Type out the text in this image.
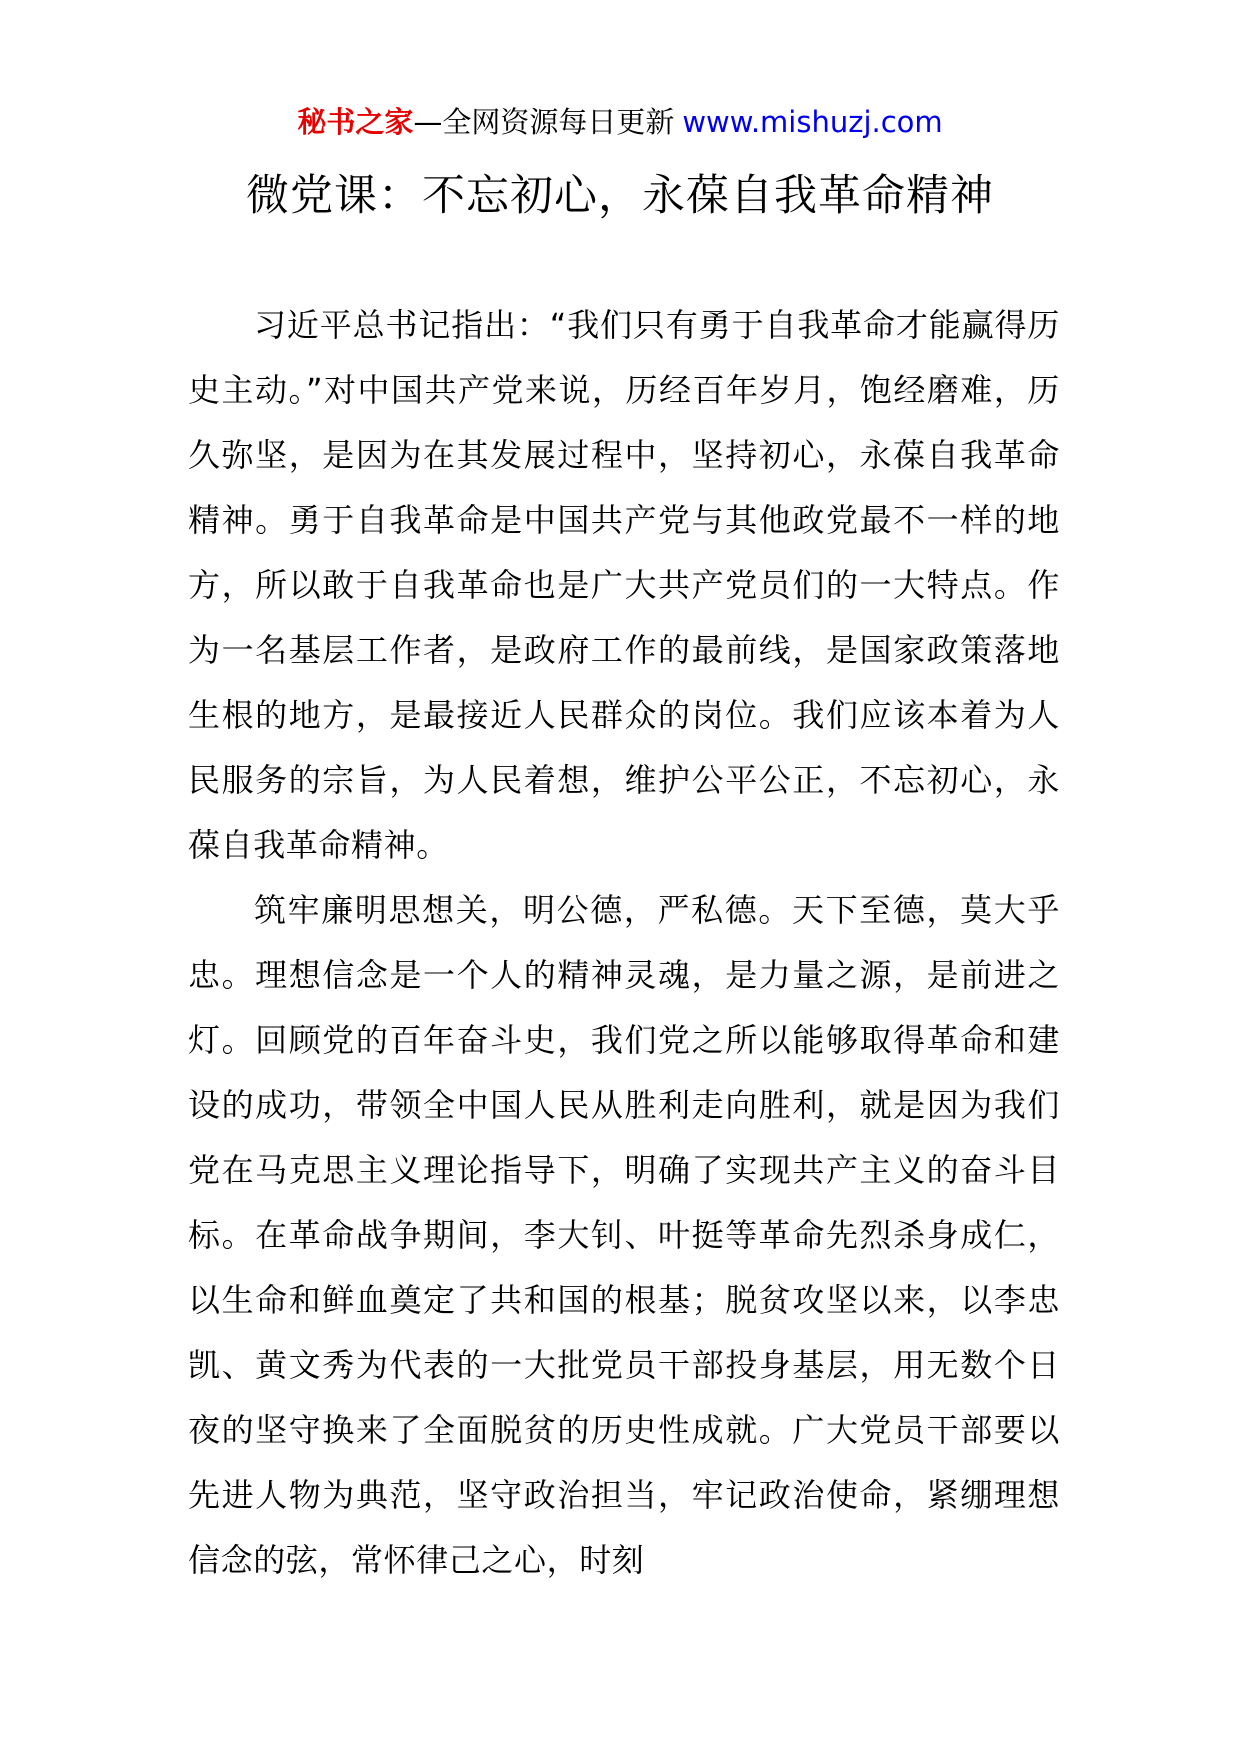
秘书之家—全网资源每日更新 www.mishuzj.com
微党课：不忘初心，永葆自我革命精神

习近平总书记指出：“我们只有勇于自我革命才能赢得历史主动。”对中国共产党来说，历经百年岁月，饱经磨难，历久弥坚，是因为在其发展过程中，坚持初心，永葆自我革命精神。勇于自我革命是中国共产党与其他政党最不一样的地方，所以敢于自我革命也是广大共产党员们的一大特点。作为一名基层工作者，是政府工作的最前线，是国家政策落地生根的地方，是最接近人民群众的岗位。我们应该本着为人民服务的宗旨，为人民着想，维护公平公正，不忘初心，永葆自我革命精神。

筑牢廉明思想关，明公德，严私德。天下至德，莫大乎忠。理想信念是一个人的精神灵魂，是力量之源，是前进之灯。回顾党的百年奋斗史，我们党之所以能够取得革命和建设的成功，带领全中国人民从胜利走向胜利，就是因为我们党在马克思主义理论指导下，明确了实现共产主义的奋斗目标。在革命战争期间，李大钊、叶挺等革命先烈杀身成仁，以生命和鲜血奠定了共和国的根基；脱贫攻坚以来，以李忠凯、黄文秀为代表的一大批党员干部投身基层，用无数个日夜的坚守换来了全面脱贫的历史性成就。广大党员干部要以先进人物为典范，坚守政治担当，牢记政治使命，紧绷理想信念的弦，常怀律己之心，时刻
